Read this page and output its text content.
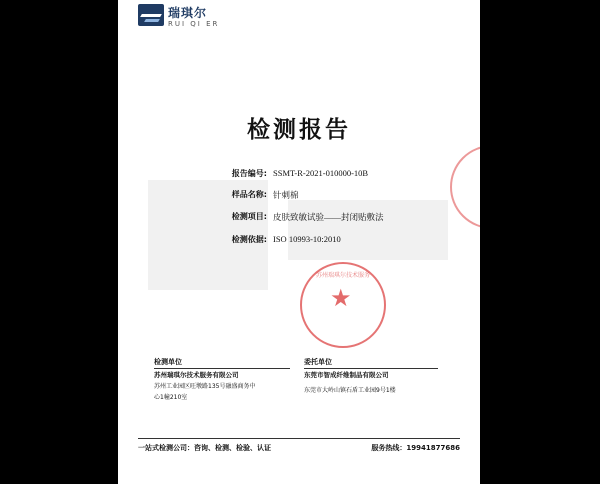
瑞琪尔
RUI QI ER
检测报告
报告编号: SSMT-R-2021-010000-10B
样品名称: 针刺棉
检测项目: 皮肤致敏试验——封闭贴敷法
检测依据: ISO 10993-10:2010
苏州瑞琪尔技术服务
★
检测单位
苏州瑞琪尔技术服务有限公司
苏州工业园区旺墩路135号融盛商务中
心1幢210室
委托单位
东莞市智成纤维制品有限公司
东莞市大岭山镇石盾工业园9号1楼
一站式检测公司：咨询、检测、检验、认证	服务热线：19941877686
